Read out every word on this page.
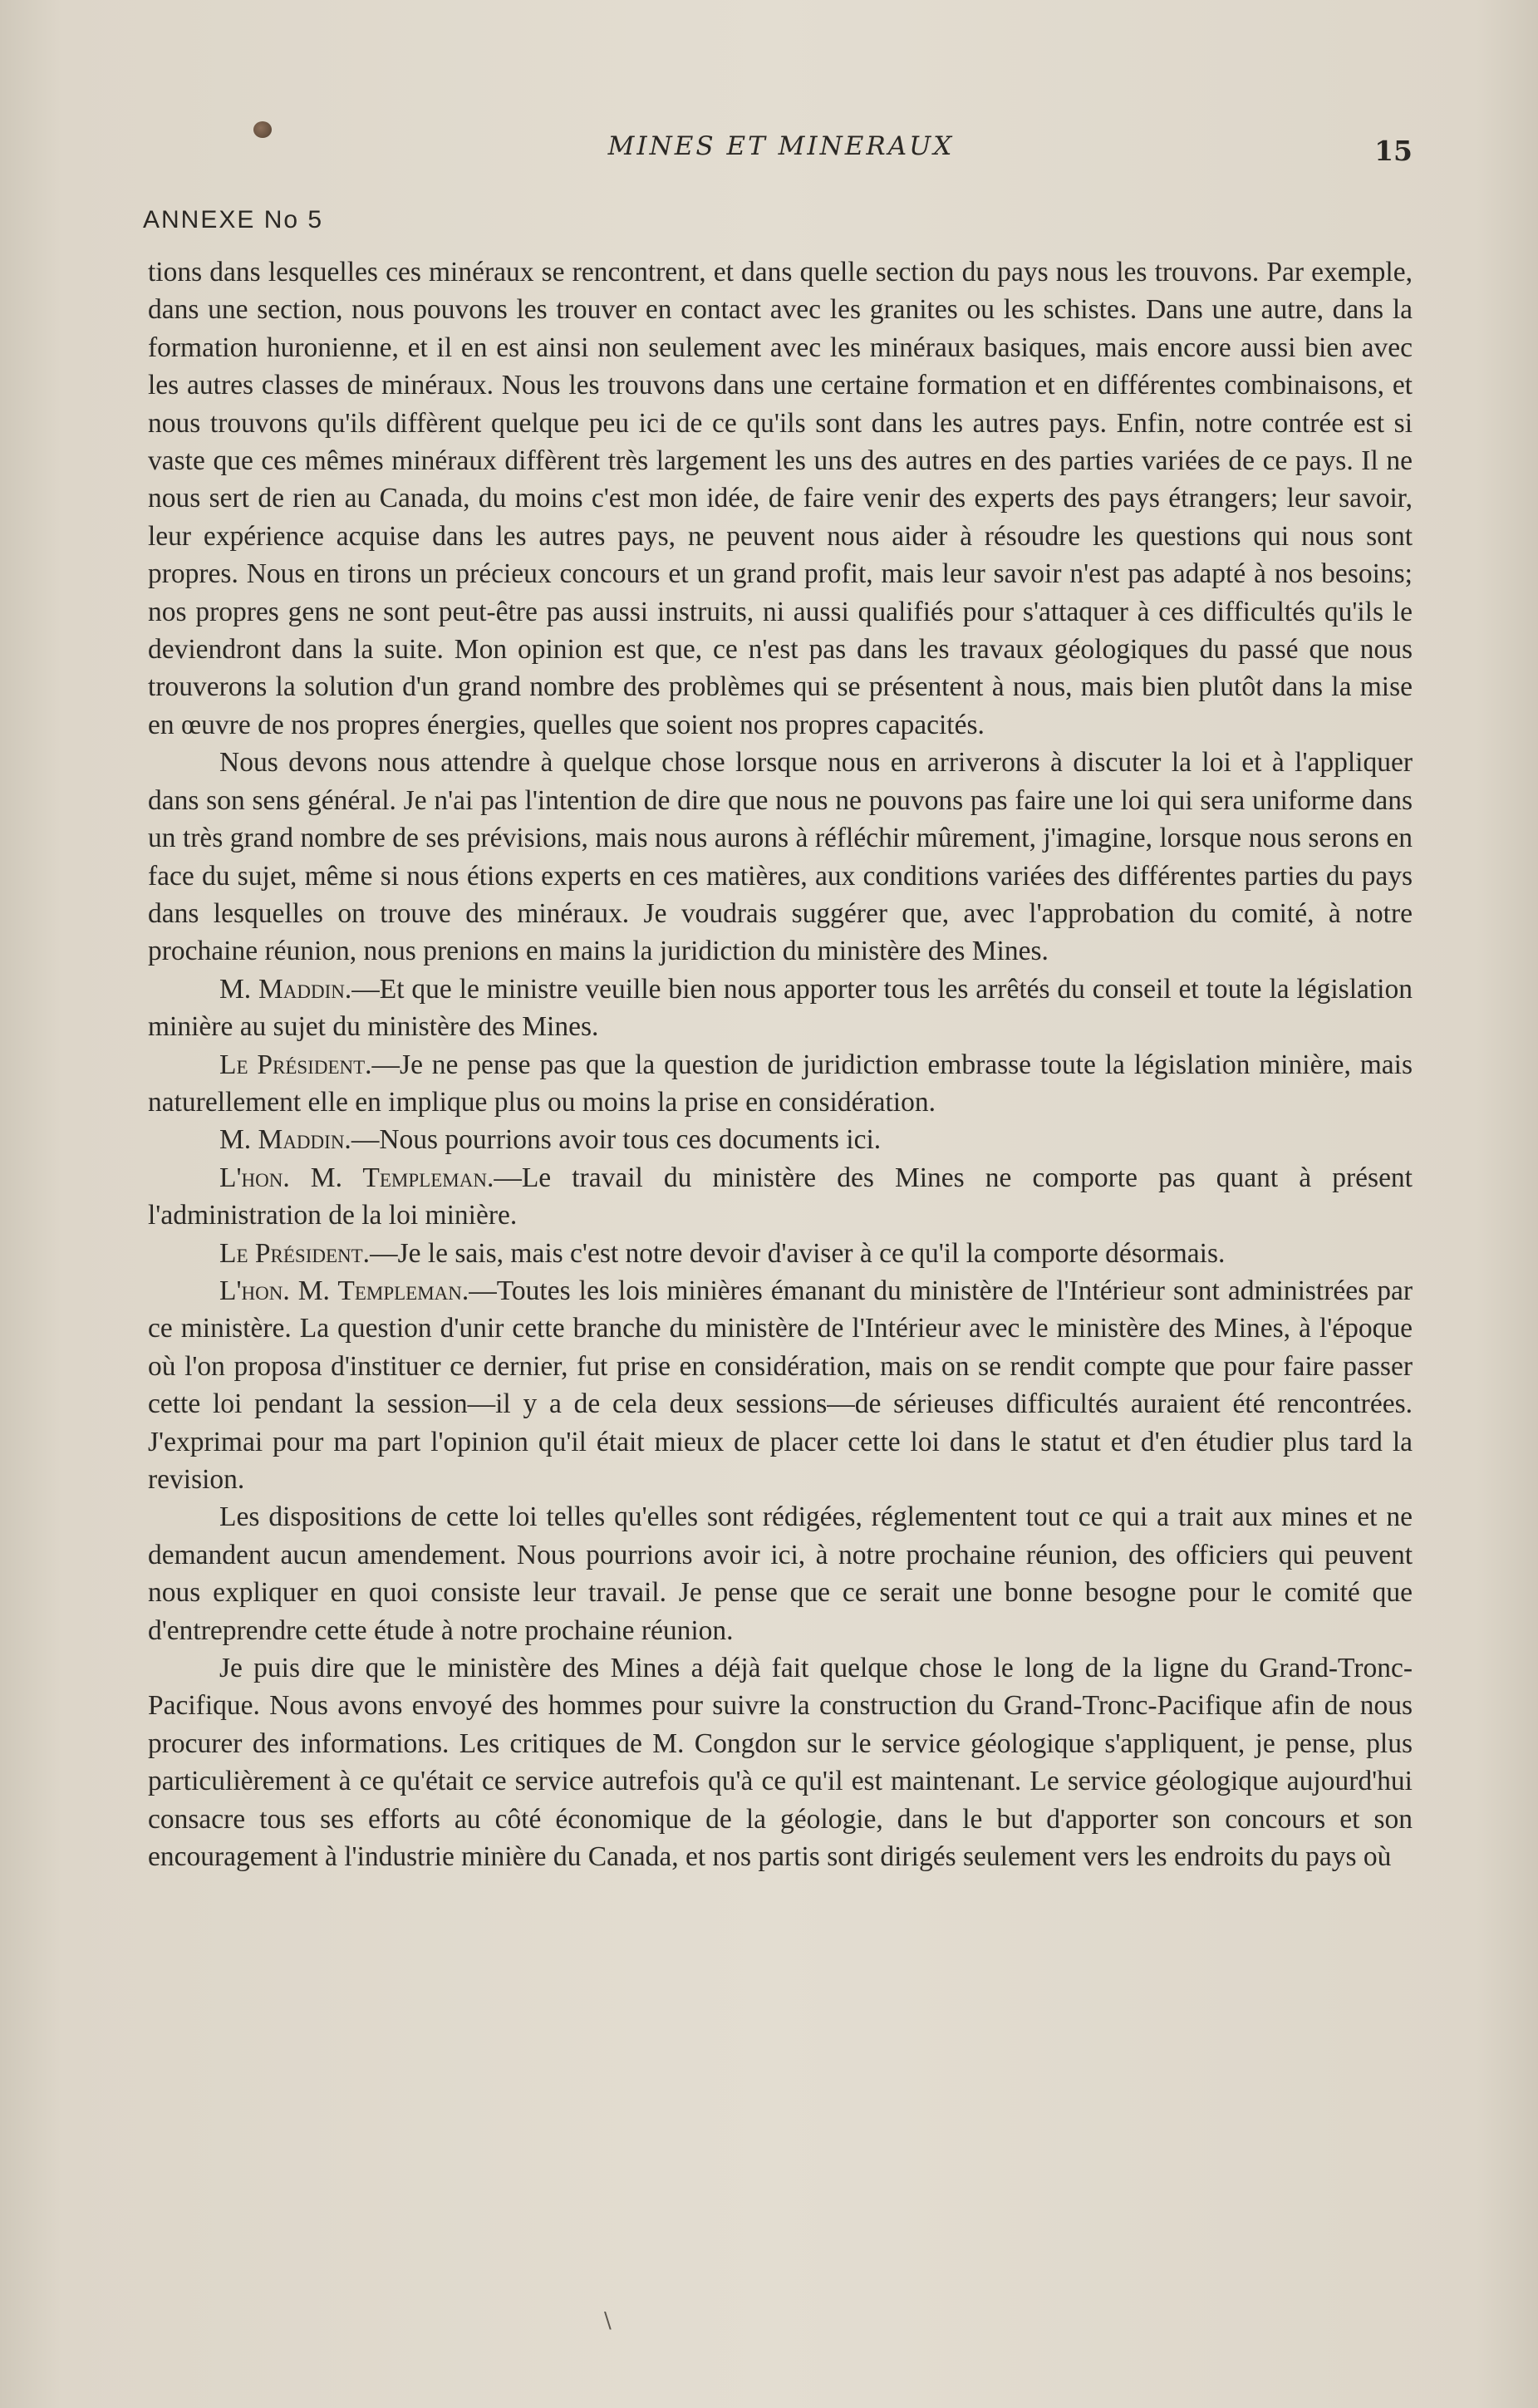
MINES ET MINERAUX	15
ANNEXE No 5

tions dans lesquelles ces minéraux se rencontrent, et dans quelle section du pays nous les trouvons. Par exemple, dans une section, nous pouvons les trouver en contact avec les granites ou les schistes. Dans une autre, dans la formation huronienne, et il en est ainsi non seulement avec les minéraux basiques, mais encore aussi bien avec les autres classes de minéraux. Nous les trouvons dans une certaine formation et en différentes combinaisons, et nous trouvons qu'ils diffèrent quelque peu ici de ce qu'ils sont dans les autres pays. Enfin, notre contrée est si vaste que ces mêmes minéraux diffèrent très largement les uns des autres en des parties variées de ce pays. Il ne nous sert de rien au Canada, du moins c'est mon idée, de faire venir des experts des pays étrangers; leur savoir, leur expérience acquise dans les autres pays, ne peuvent nous aider à résoudre les questions qui nous sont propres. Nous en tirons un précieux concours et un grand profit, mais leur savoir n'est pas adapté à nos besoins; nos propres gens ne sont peut-être pas aussi instruits, ni aussi qualifiés pour s'attaquer à ces difficultés qu'ils le deviendront dans la suite. Mon opinion est que, ce n'est pas dans les travaux géologiques du passé que nous trouverons la solution d'un grand nombre des problèmes qui se présentent à nous, mais bien plutôt dans la mise en œuvre de nos propres énergies, quelles que soient nos propres capacités.

Nous devons nous attendre à quelque chose lorsque nous en arriverons à discuter la loi et à l'appliquer dans son sens général. Je n'ai pas l'intention de dire que nous ne pouvons pas faire une loi qui sera uniforme dans un très grand nombre de ses prévisions, mais nous aurons à réfléchir mûrement, j'imagine, lorsque nous serons en face du sujet, même si nous étions experts en ces matières, aux conditions variées des différentes parties du pays dans lesquelles on trouve des minéraux. Je voudrais suggérer que, avec l'approbation du comité, à notre prochaine réunion, nous prenions en mains la juridiction du ministère des Mines.

M. Maddin.—Et que le ministre veuille bien nous apporter tous les arrêtés du conseil et toute la législation minière au sujet du ministère des Mines.

Le Président.—Je ne pense pas que la question de juridiction embrasse toute la législation minière, mais naturellement elle en implique plus ou moins la prise en considération.

M. Maddin.—Nous pourrions avoir tous ces documents ici.

L'hon. M. Templeman.—Le travail du ministère des Mines ne comporte pas quant à présent l'administration de la loi minière.

Le Président.—Je le sais, mais c'est notre devoir d'aviser à ce qu'il la comporte désormais.

L'hon. M. Templeman.—Toutes les lois minières émanant du ministère de l'Intérieur sont administrées par ce ministère. La question d'unir cette branche du ministère de l'Intérieur avec le ministère des Mines, à l'époque où l'on proposa d'instituer ce dernier, fut prise en considération, mais on se rendit compte que pour faire passer cette loi pendant la session—il y a de cela deux sessions—de sérieuses difficultés auraient été rencontrées. J'exprimai pour ma part l'opinion qu'il était mieux de placer cette loi dans le statut et d'en étudier plus tard la revision.

Les dispositions de cette loi telles qu'elles sont rédigées, réglementent tout ce qui a trait aux mines et ne demandent aucun amendement. Nous pourrions avoir ici, à notre prochaine réunion, des officiers qui peuvent nous expliquer en quoi consiste leur travail. Je pense que ce serait une bonne besogne pour le comité que d'entreprendre cette étude à notre prochaine réunion.

Je puis dire que le ministère des Mines a déjà fait quelque chose le long de la ligne du Grand-Tronc-Pacifique. Nous avons envoyé des hommes pour suivre la construction du Grand-Tronc-Pacifique afin de nous procurer des informations. Les critiques de M. Congdon sur le service géologique s'appliquent, je pense, plus particulièrement à ce qu'était ce service autrefois qu'à ce qu'il est maintenant. Le service géologique aujourd'hui consacre tous ses efforts au côté économique de la géologie, dans le but d'apporter son concours et son encouragement à l'industrie minière du Canada, et nos partis sont dirigés seulement vers les endroits du pays où

\
